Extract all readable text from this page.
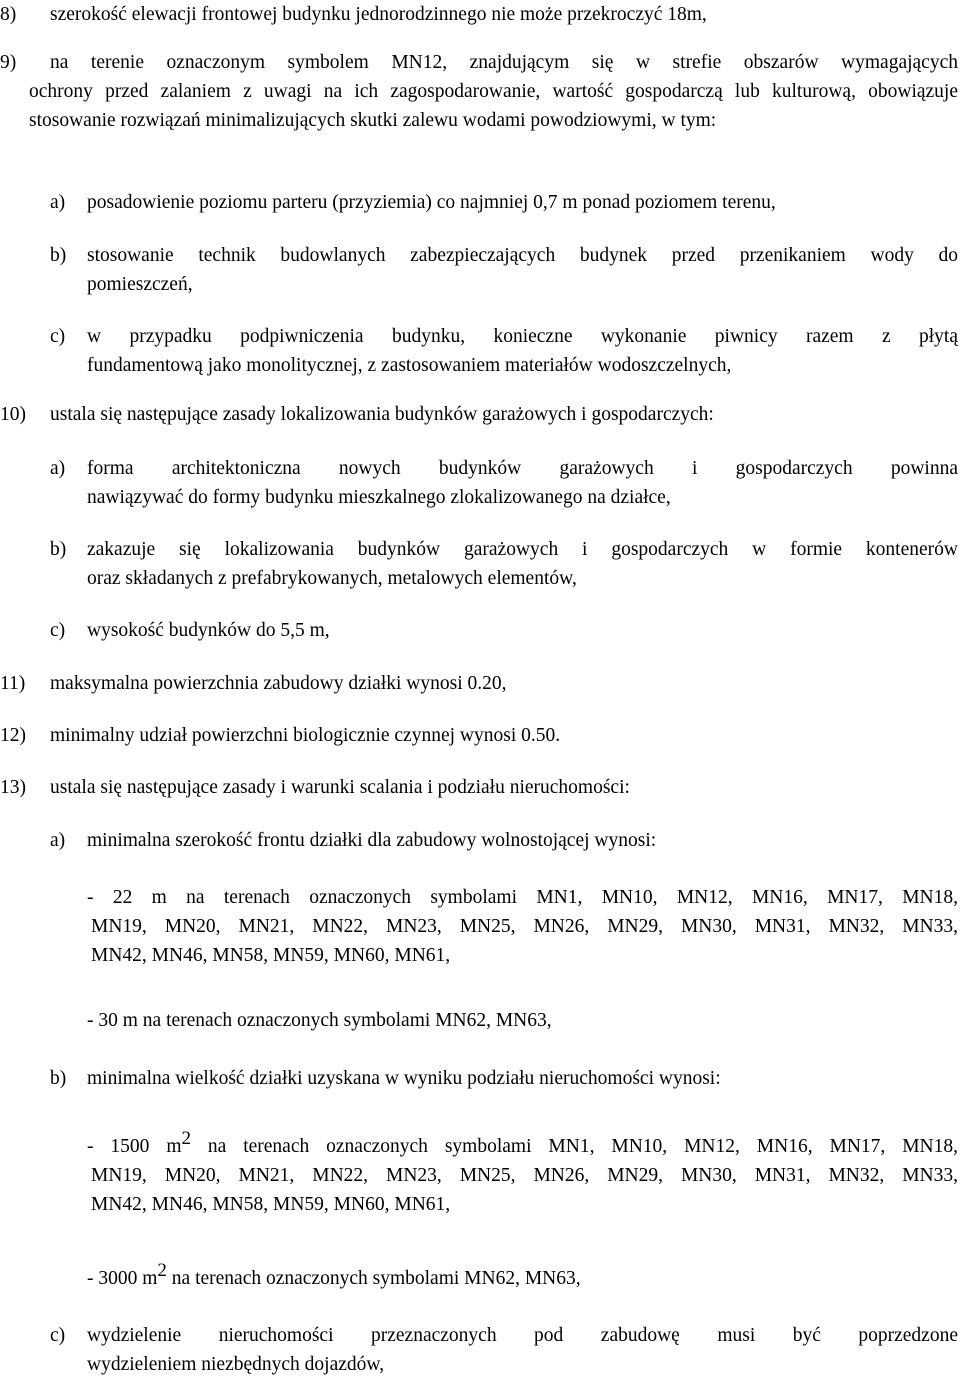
8) szerokość elewacji frontowej budynku jednorodzinnego nie może przekroczyć 18m,
9) na terenie oznaczonym symbolem MN12, znajdującym się w strefie obszarów wymagających
ochrony przed zalaniem z uwagi na ich zagospodarowanie, wartość gospodarczą lub kulturową, obowiązuje stosowanie rozwiązań minimalizujących skutki zalewu wodami powodziowymi, w tym:
a) posadowienie poziomu parteru (przyziemia) co najmniej 0,7 m ponad poziomem terenu,
b) stosowanie technik budowlanych zabezpieczających budynek przed przenikaniem wody do
pomieszczeń,
c) w przypadku podpiwniczenia budynku, konieczne wykonanie piwnicy razem z płytą
fundamentową jako monolitycznej, z zastosowaniem materiałów wodoszczelnych,
10) ustala się następujące zasady lokalizowania budynków garażowych i gospodarczych:
a) forma architektoniczna nowych budynków garażowych i gospodarczych powinna
nawiązywać do formy budynku mieszkalnego zlokalizowanego na działce,
b) zakazuje się lokalizowania budynków garażowych i gospodarczych w formie kontenerów
oraz składanych z prefabrykowanych, metalowych elementów,
c) wysokość budynków do 5,5 m,
11) maksymalna powierzchnia zabudowy działki wynosi 0.20,
12) minimalny udział powierzchni biologicznie czynnej wynosi 0.50.
13) ustala się następujące zasady i warunki scalania i podziału nieruchomości:
a) minimalna szerokość frontu działki dla zabudowy wolnostojącej wynosi:
- 22 m na terenach oznaczonych symbolami MN1, MN10, MN12, MN16, MN17, MN18,
MN19, MN20, MN21, MN22, MN23, MN25, MN26, MN29, MN30, MN31, MN32, MN33,
MN42, MN46, MN58, MN59, MN60, MN61,
- 30 m na terenach oznaczonych symbolami MN62, MN63,
b) minimalna wielkość działki uzyskana w wyniku podziału nieruchomości wynosi:
- 1500 $m^2$ na terenach oznaczonych symbolami MN1, MN10, MN12, MN16, MN17, MN18,
MN19, MN20, MN21, MN22, MN23, MN25, MN26, MN29, MN30, MN31, MN32, MN33,
MN42, MN46, MN58, MN59, MN60, MN61,
- 3000 $m^2$ na terenach oznaczonych symbolami MN62, MN63,
c) wydzielenie nieruchomości przeznaczonych pod zabudowę musi być poprzedzone
wydzieleniem niezbędnych dojazdów,
